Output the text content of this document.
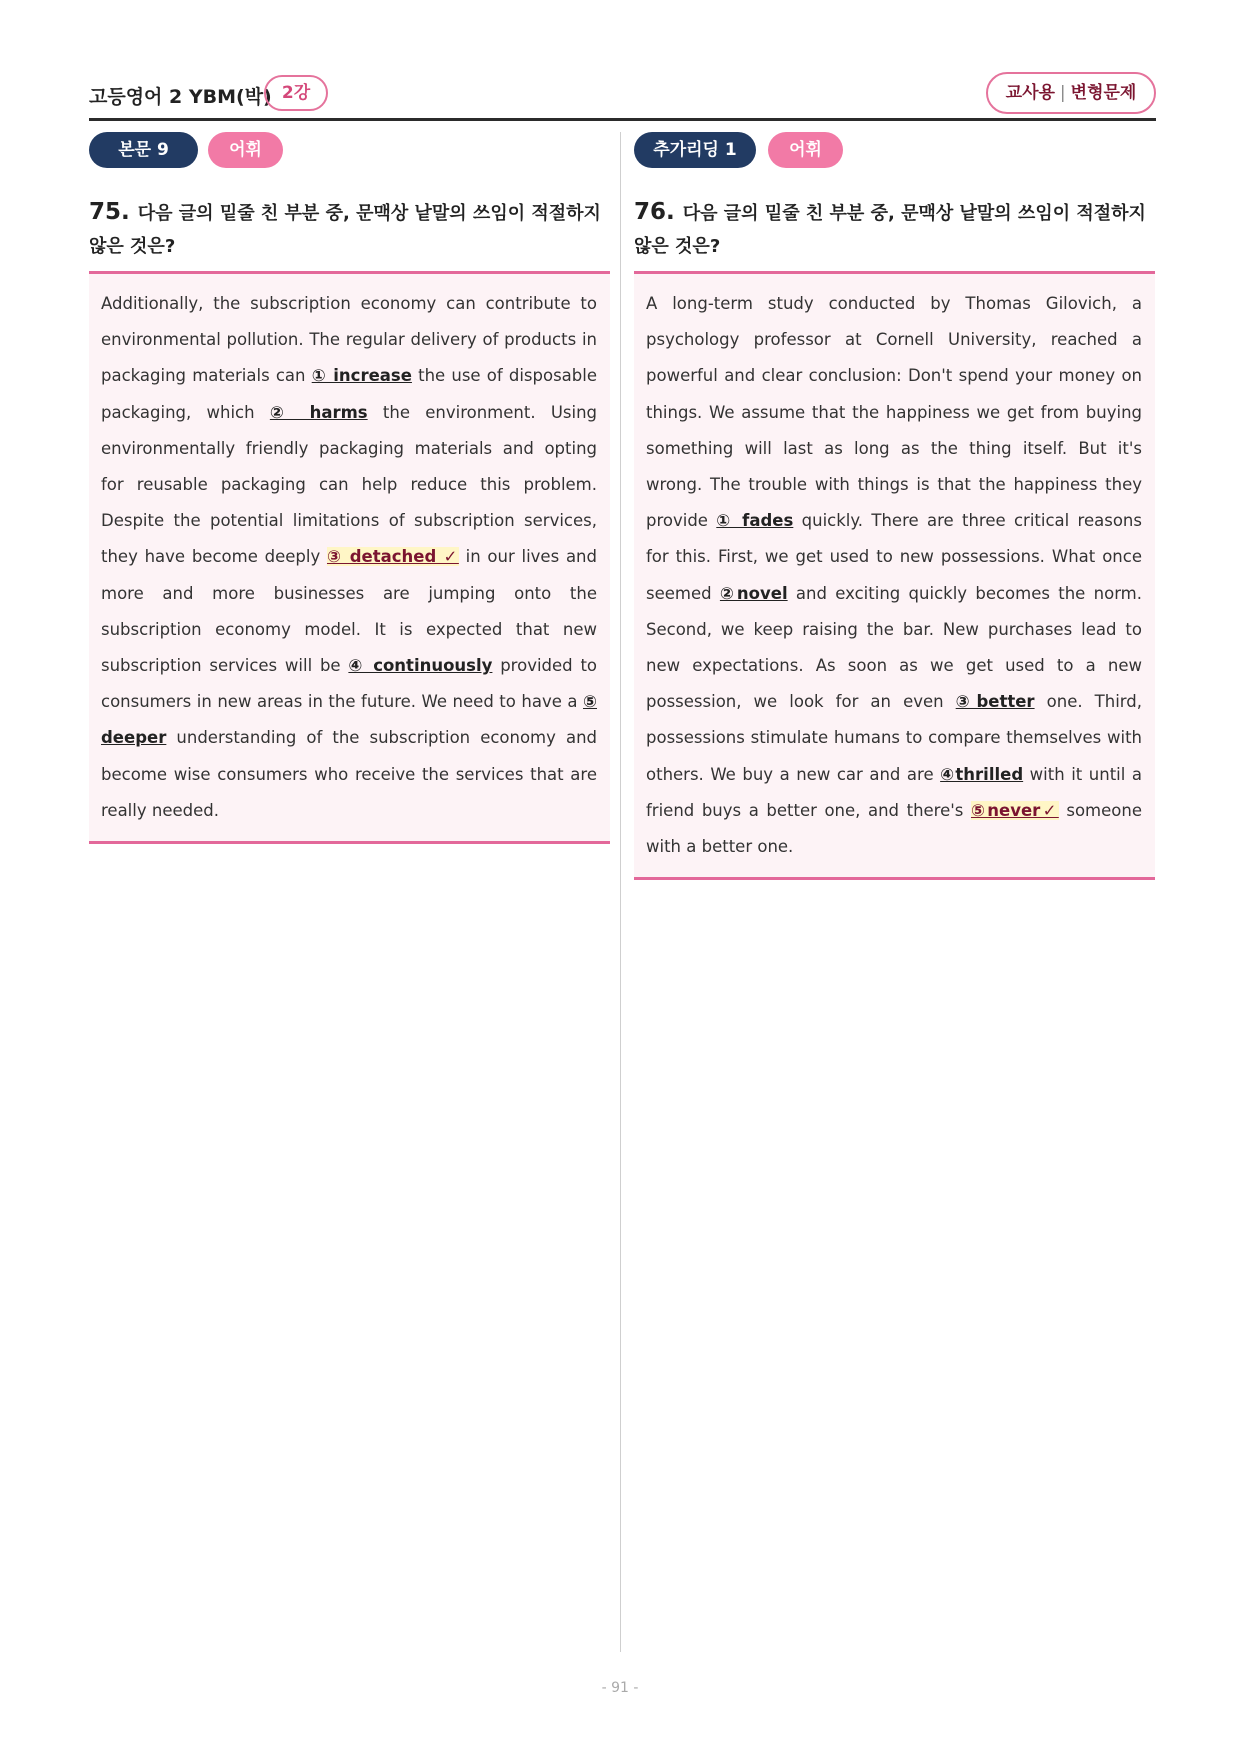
고등영어 2 YBM(박) 2강	교사용 | 변형문제
본문 9	어휘
75. 다음 글의 밑줄 친 부분 중, 문맥상 낱말의 쓰임이 적절하지 않은 것은?
Additionally, the subscription economy can contribute to environmental pollution. The regular delivery of products in packaging materials can ① increase the use of disposable packaging, which ② harms the environment. Using environmentally friendly packaging materials and opting for reusable packaging can help reduce this problem. Despite the potential limitations of subscription services, they have become deeply ③ detached ✓ in our lives and more and more businesses are jumping onto the subscription economy model. It is expected that new subscription services will be ④ continuously provided to consumers in new areas in the future. We need to have a ⑤ deeper understanding of the subscription economy and become wise consumers who receive the services that are really needed.
추가리딩 1	어휘
76. 다음 글의 밑줄 친 부분 중, 문맥상 낱말의 쓰임이 적절하지 않은 것은?
A long-term study conducted by Thomas Gilovich, a psychology professor at Cornell University, reached a powerful and clear conclusion: Don't spend your money on things. We assume that the happiness we get from buying something will last as long as the thing itself. But it's wrong. The trouble with things is that the happiness they provide ① fades quickly. There are three critical reasons for this. First, we get used to new possessions. What once seemed ②novel and exciting quickly becomes the norm. Second, we keep raising the bar. New purchases lead to new expectations. As soon as we get used to a new possession, we look for an even ③better one. Third, possessions stimulate humans to compare themselves with others. We buy a new car and are ④thrilled with it until a friend buys a better one, and there's ⑤never✓ someone with a better one.
- 91 -
